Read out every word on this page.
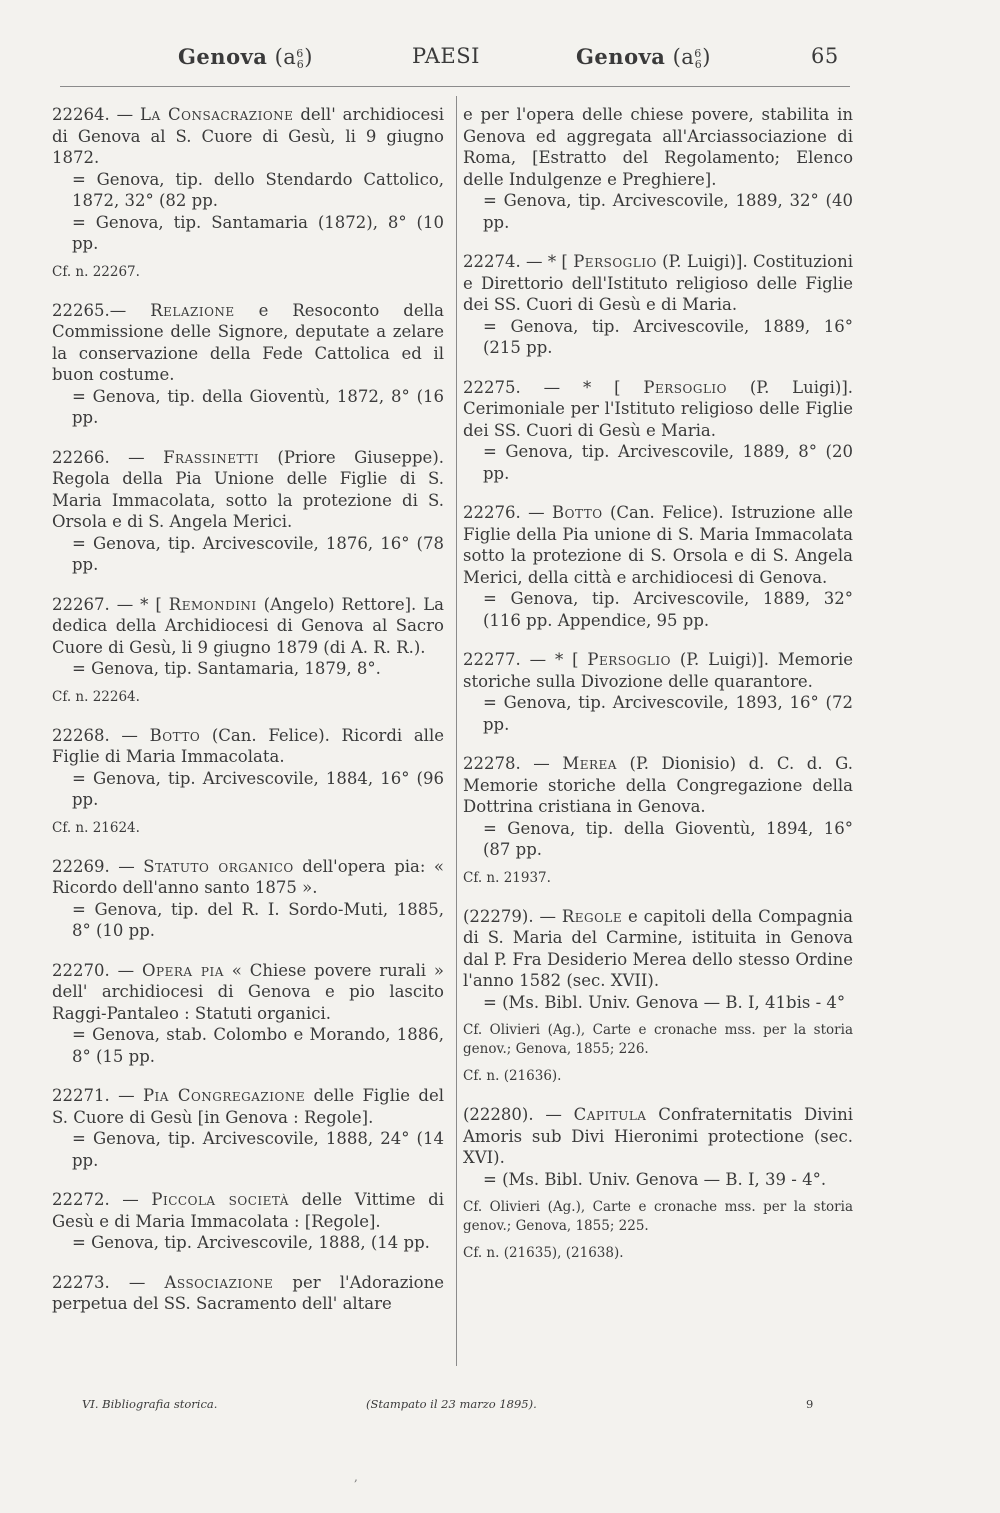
Genova $(a^6_6)$	PAESI	Genova $(a^6_6)$	65

22264. — La Consacrazione dell' archidiocesi di Genova al S. Cuore di Gesù, li 9 giugno 1872.

= Genova, tip. dello Stendardo Cattolico, 1872, 32° (82 pp.

= Genova, tip. Santamaria (1872), 8° (10 pp.

Cf. n. 22267.

22265.— Relazione e Resoconto della Commissione delle Signore, deputate a zelare la conservazione della Fede Cattolica ed il buon costume.

= Genova, tip. della Gioventù, 1872, 8° (16 pp.

22266. — Frassinetti (Priore Giuseppe). Regola della Pia Unione delle Figlie di S. Maria Immacolata, sotto la protezione di S. Orsola e di S. Angela Merici.

= Genova, tip. Arcivescovile, 1876, 16° (78 pp.

22267. — * [ Remondini (Angelo) Rettore]. La dedica della Archidiocesi di Genova al Sacro Cuore di Gesù, li 9 giugno 1879 (di A. R. R.).

= Genova, tip. Santamaria, 1879, 8°.

Cf. n. 22264.

22268. — Botto (Can. Felice). Ricordi alle Figlie di Maria Immacolata.

= Genova, tip. Arcivescovile, 1884, 16° (96 pp.

Cf. n. 21624.

22269. — Statuto organico dell'opera pia: « Ricordo dell'anno santo 1875 ».

= Genova, tip. del R. I. Sordo-Muti, 1885, 8° (10 pp.

22270. — Opera pia « Chiese povere rurali » dell' archidiocesi di Genova e pio lascito Raggi-Pantaleo : Statuti organici.

= Genova, stab. Colombo e Morando, 1886, 8° (15 pp.

22271. — Pia Congregazione delle Figlie del S. Cuore di Gesù [in Genova : Regole].

= Genova, tip. Arcivescovile, 1888, 24° (14 pp.

22272. — Piccola società delle Vittime di Gesù e di Maria Immacolata : [Regole].

= Genova, tip. Arcivescovile, 1888, (14 pp.

22273. — Associazione per l'Adorazione perpetua del SS. Sacramento dell' altare

e per l'opera delle chiese povere, stabilita in Genova ed aggregata all'Arciassociazione di Roma, [Estratto del Regolamento; Elenco delle Indulgenze e Preghiere].

= Genova, tip. Arcivescovile, 1889, 32° (40 pp.

22274. — * [ Persoglio (P. Luigi)]. Costituzioni e Direttorio dell'Istituto religioso delle Figlie dei SS. Cuori di Gesù e di Maria.

= Genova, tip. Arcivescovile, 1889, 16° (215 pp.

22275. — * [ Persoglio (P. Luigi)]. Cerimoniale per l'Istituto religioso delle Figlie dei SS. Cuori di Gesù e Maria.

= Genova, tip. Arcivescovile, 1889, 8° (20 pp.

22276. — Botto (Can. Felice). Istruzione alle Figlie della Pia unione di S. Maria Immacolata sotto la protezione di S. Orsola e di S. Angela Merici, della città e archidiocesi di Genova.

= Genova, tip. Arcivescovile, 1889, 32° (116 pp. Appendice, 95 pp.

22277. — * [ Persoglio (P. Luigi)]. Memorie storiche sulla Divozione delle quarantore.

= Genova, tip. Arcivescovile, 1893, 16° (72 pp.

22278. — Merea (P. Dionisio) d. C. d. G. Memorie storiche della Congregazione della Dottrina cristiana in Genova.

= Genova, tip. della Gioventù, 1894, 16° (87 pp.

Cf. n. 21937.

(22279). — Regole e capitoli della Compagnia di S. Maria del Carmine, istituita in Genova dal P. Fra Desiderio Merea dello stesso Ordine l'anno 1582 (sec. XVII).

= (Ms. Bibl. Univ. Genova — B. I, 41bis - 4°

Cf. Olivieri (Ag.), Carte e cronache mss. per la storia genov.; Genova, 1855; 226.

Cf. n. (21636).

(22280). — Capitula Confraternitatis Divini Amoris sub Divi Hieronimi protectione (sec. XVI).

= (Ms. Bibl. Univ. Genova — B. I, 39 - 4°.

Cf. Olivieri (Ag.), Carte e cronache mss. per la storia genov.; Genova, 1855; 225.

Cf. n. (21635), (21638).

VI. Bibliografia storica.	(Stampato il 23 marzo 1895).	9
,
